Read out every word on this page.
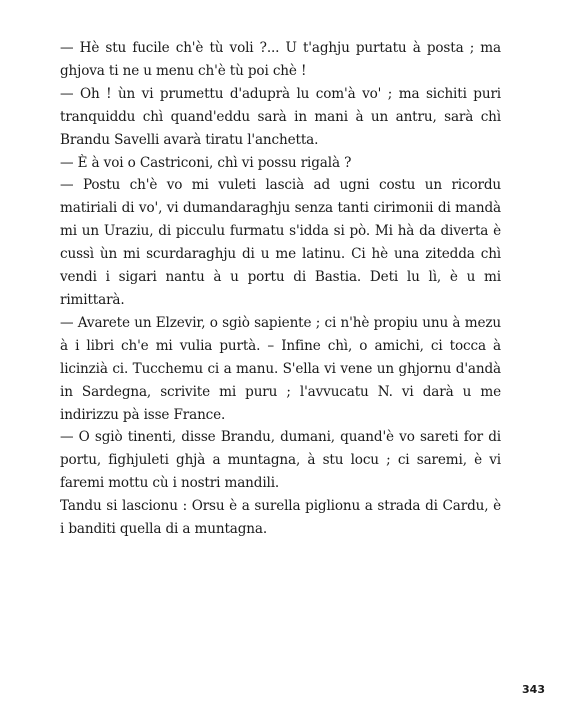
— Hè stu fucile ch'è tù voli ?... U t'aghju purtatu à posta ; ma ghjova ti ne u menu ch'è tù poi chè !

— Oh ! ùn vi prumettu d'aduprà lu com'à vo' ; ma sichiti puri tranquiddu chì quand'eddu sarà in mani à un antru, sarà chì Brandu Savelli avarà tiratu l'anchetta.

— È à voi o Castriconi, chì vi possu rigalà ?

— Postu ch'è vo mi vuleti lascià ad ugni costu un ricordu matiriali di vo', vi dumandaraghju senza tanti cirimonii di mandà mi un Uraziu, di picculu furmatu s'idda si pò. Mi hà da diverta è cussì ùn mi scurdaraghju di u me latinu. Ci hè una zitedda chì vendi i sigari nantu à u portu di Bastia. Deti lu lì, è u mi rimittarà.

— Avarete un Elzevir, o sgiò sapiente ; ci n'hè propiu unu à mezu à i libri ch'e mi vulia purtà. – Infine chì, o amichi, ci tocca à licinzià ci. Tucchemu ci a manu. S'ella vi vene un ghjornu d'andà in Sardegna, scrivite mi puru ; l'avvucatu N. vi darà u me indirizzu pà isse France.

— O sgiò tinenti, disse Brandu, dumani, quand'è vo sareti for di portu, fighjuleti ghjà a muntagna, à stu locu ; ci saremi, è vi faremi mottu cù i nostri mandili.

Tandu si lascionu : Orsu è a surella piglionu a strada di Cardu, è i banditi quella di a muntagna.

343
